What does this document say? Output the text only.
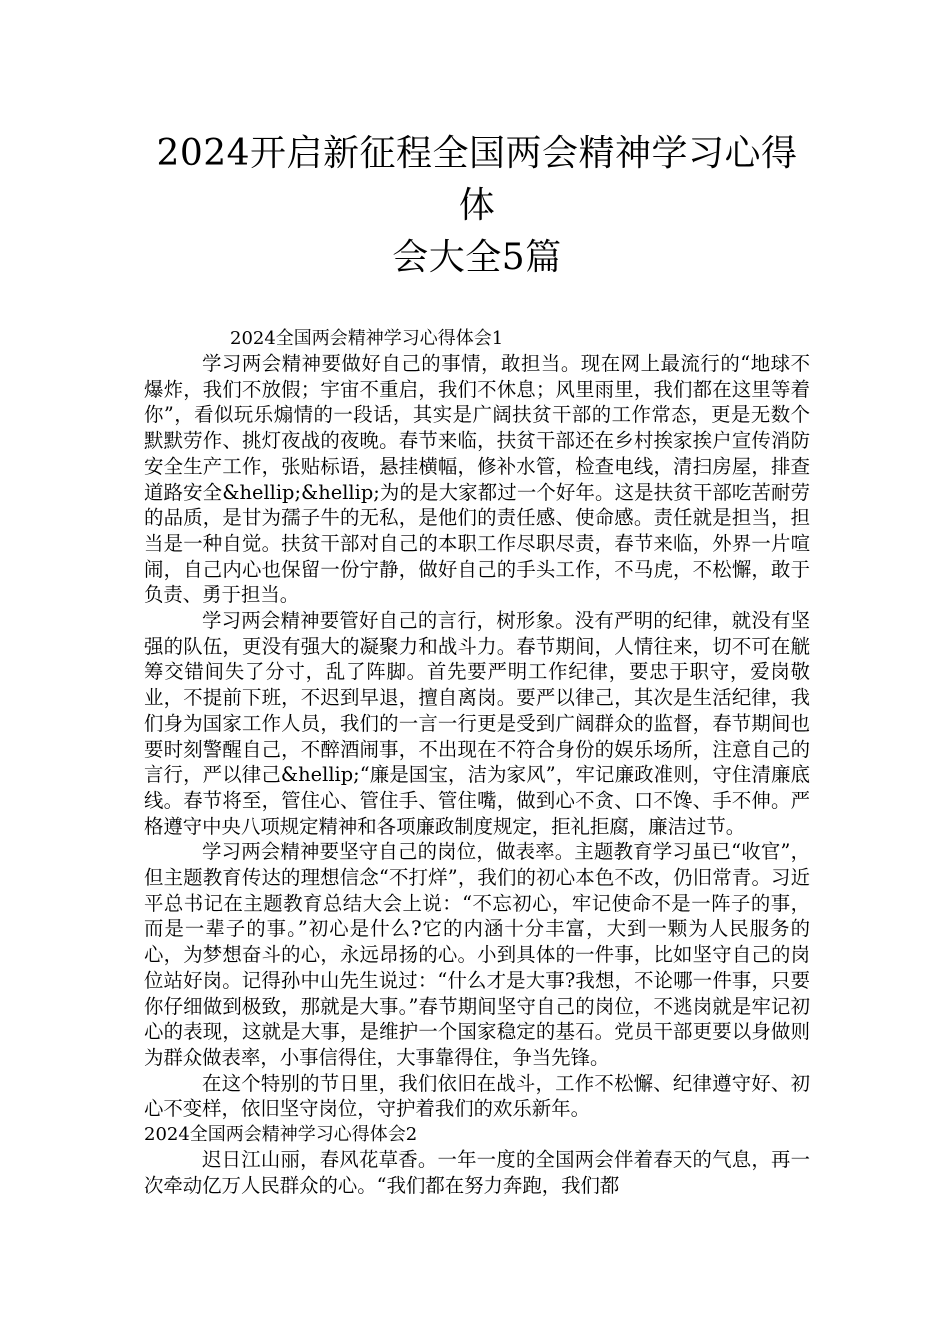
2024开启新征程全国两会精神学习心得体
会大全5篇

2024全国两会精神学习心得体会1

学习两会精神要做好自己的事情，敢担当。现在网上最流行的“地球不爆炸，我们不放假；宇宙不重启，我们不休息；风里雨里，我们都在这里等着你”，看似玩乐煽情的一段话，其实是广阔扶贫干部的工作常态，更是无数个默默劳作、挑灯夜战的夜晚。春节来临，扶贫干部还在乡村挨家挨户宣传消防安全生产工作，张贴标语，悬挂横幅，修补水管，检查电线，清扫房屋，排查道路安全&hellip;&hellip;为的是大家都过一个好年。这是扶贫干部吃苦耐劳的品质，是甘为孺子牛的无私，是他们的责任感、使命感。责任就是担当，担当是一种自觉。扶贫干部对自己的本职工作尽职尽责，春节来临，外界一片喧闹，自己内心也保留一份宁静，做好自己的手头工作，不马虎，不松懈，敢于负责、勇于担当。

学习两会精神要管好自己的言行，树形象。没有严明的纪律，就没有坚强的队伍，更没有强大的凝聚力和战斗力。春节期间，人情往来，切不可在觥筹交错间失了分寸，乱了阵脚。首先要严明工作纪律，要忠于职守，爱岗敬业，不提前下班，不迟到早退，擅自离岗。要严以律己，其次是生活纪律，我们身为国家工作人员，我们的一言一行更是受到广阔群众的监督，春节期间也要时刻警醒自己，不醉酒闹事，不出现在不符合身份的娱乐场所，注意自己的言行，严以律己&hellip;“廉是国宝，洁为家风”，牢记廉政准则，守住清廉底线。春节将至，管住心、管住手、管住嘴，做到心不贪、口不馋、手不伸。严格遵守中央八项规定精神和各项廉政制度规定，拒礼拒腐，廉洁过节。

学习两会精神要坚守自己的岗位，做表率。主题教育学习虽已“收官”，但主题教育传达的理想信念“不打烊”，我们的初心本色不改，仍旧常青。习近平总书记在主题教育总结大会上说：“不忘初心，牢记使命不是一阵子的事，而是一辈子的事。”初心是什么?它的内涵十分丰富，大到一颗为人民服务的心，为梦想奋斗的心，永远昂扬的心。小到具体的一件事，比如坚守自己的岗位站好岗。记得孙中山先生说过：“什么才是大事?我想，不论哪一件事，只要你仔细做到极致，那就是大事。”春节期间坚守自己的岗位，不逃岗就是牢记初心的表现，这就是大事，是维护一个国家稳定的基石。党员干部更要以身做则为群众做表率，小事信得住，大事靠得住，争当先锋。

在这个特别的节日里，我们依旧在战斗，工作不松懈、纪律遵守好、初心不变样，依旧坚守岗位，守护着我们的欢乐新年。

2024全国两会精神学习心得体会2

迟日江山丽，春风花草香。一年一度的全国两会伴着春天的气息，再一次牵动亿万人民群众的心。“我们都在努力奔跑，我们都
